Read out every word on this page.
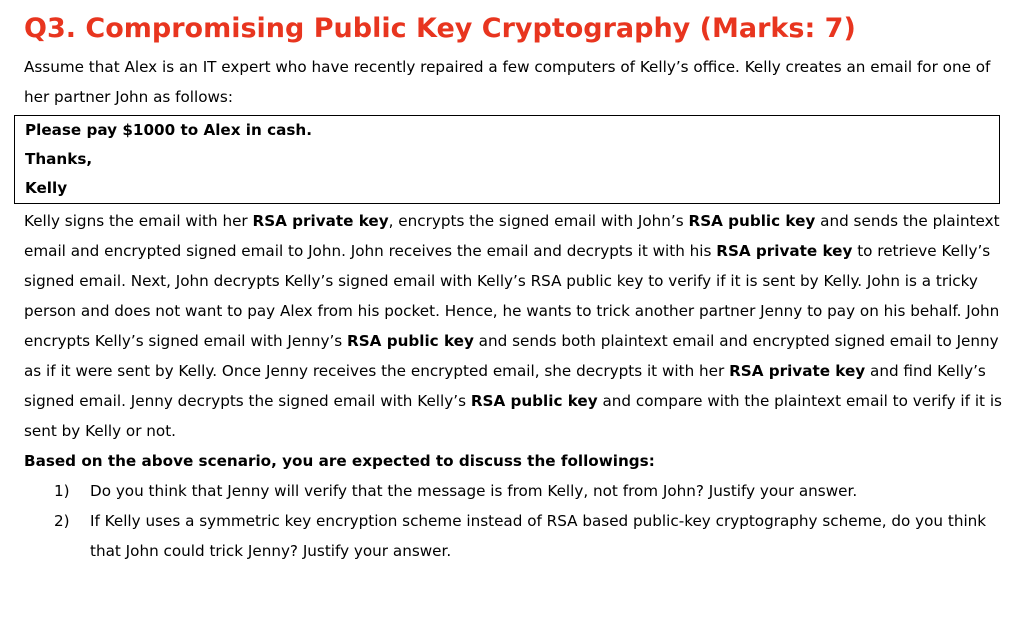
Q3. Compromising Public Key Cryptography (Marks: 7)

Assume that Alex is an IT expert who have recently repaired a few computers of Kelly’s office. Kelly creates an email for one of her partner John as follows:

Please pay $1000 to Alex in cash.

Thanks,

Kelly

Kelly signs the email with her RSA private key, encrypts the signed email with John’s RSA public key and sends the plaintext email and encrypted signed email to John. John receives the email and decrypts it with his RSA private key to retrieve Kelly’s signed email. Next, John decrypts Kelly’s signed email with Kelly’s RSA public key to verify if it is sent by Kelly. John is a tricky person and does not want to pay Alex from his pocket. Hence, he wants to trick another partner Jenny to pay on his behalf. John encrypts Kelly’s signed email with Jenny’s RSA public key and sends both plaintext email and encrypted signed email to Jenny as if it were sent by Kelly. Once Jenny receives the encrypted email, she decrypts it with her RSA private key and find Kelly’s signed email. Jenny decrypts the signed email with Kelly’s RSA public key and compare with the plaintext email to verify if it is sent by Kelly or not.

Based on the above scenario, you are expected to discuss the followings:

1)	Do you think that Jenny will verify that the message is from Kelly, not from John? Justify your answer.
2)	If Kelly uses a symmetric key encryption scheme instead of RSA based public-key cryptography scheme, do you think that John could trick Jenny? Justify your answer.
